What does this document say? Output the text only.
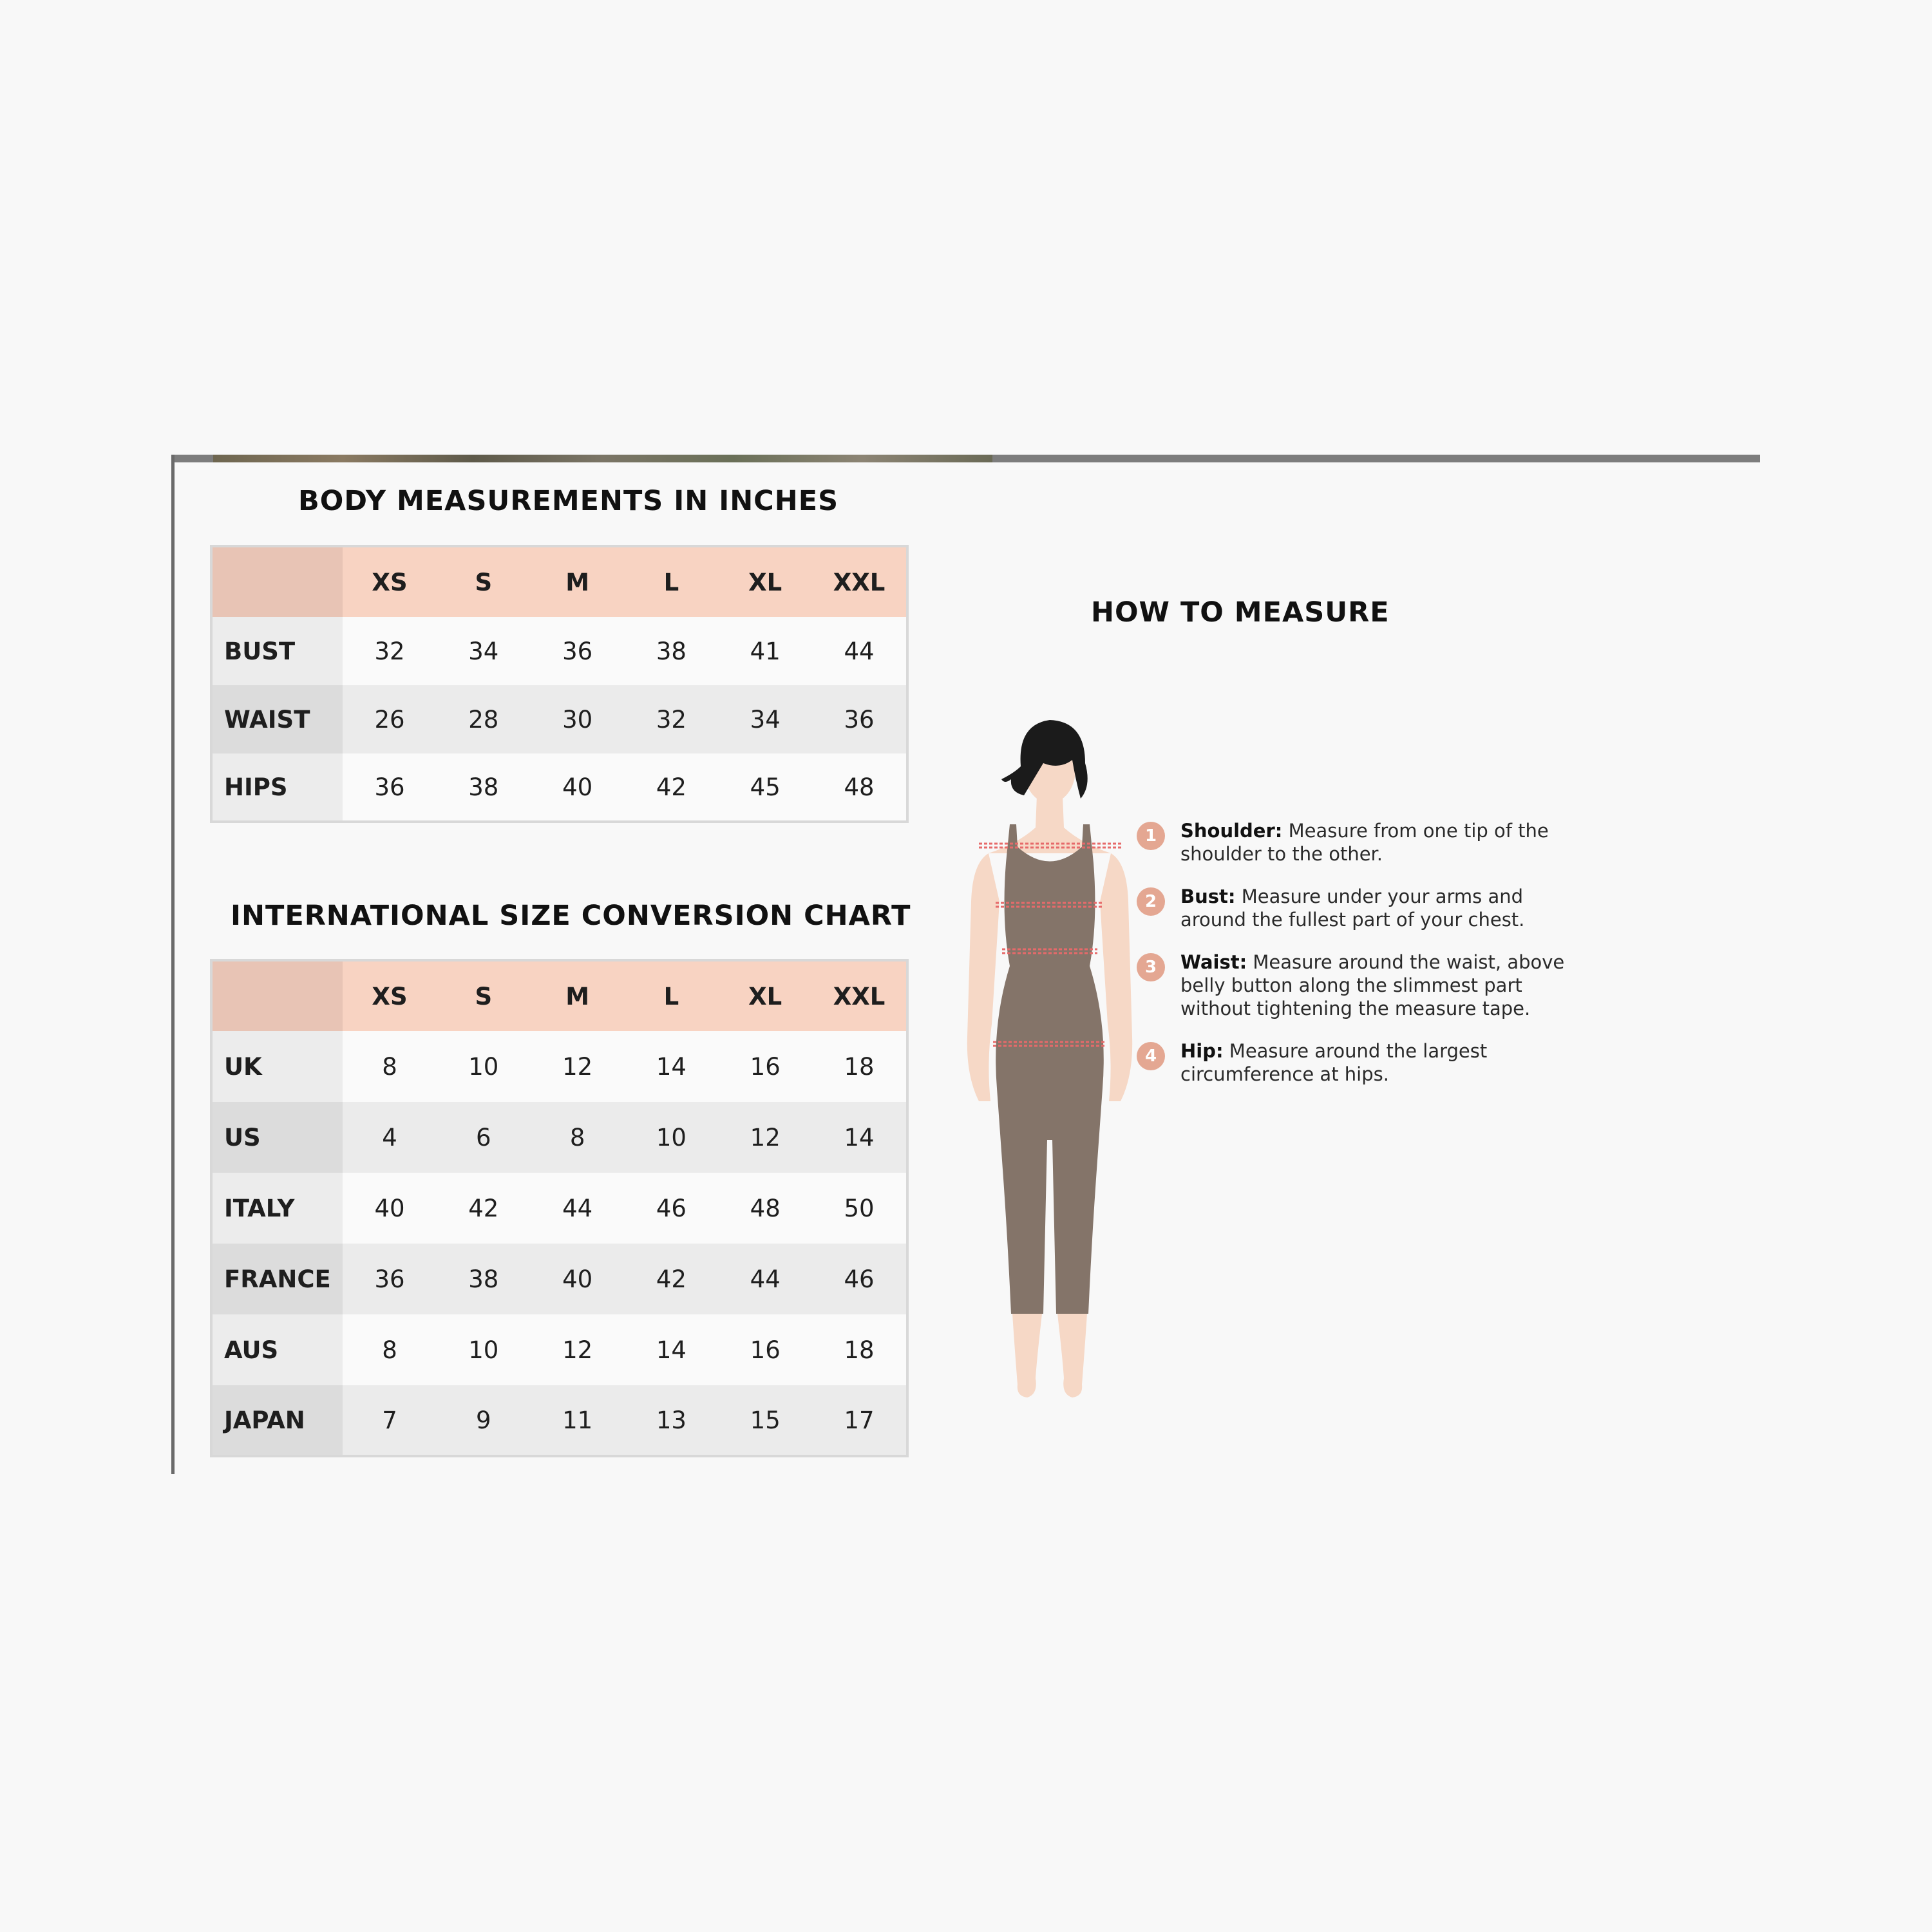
BODY MEASUREMENTS IN INCHES
	XS	S	M	L	XL	XXL
BUST	32	34	36	38	41	44
WAIST	26	28	30	32	34	36
HIPS	36	38	40	42	45	48
INTERNATIONAL SIZE CONVERSION CHART
	XS	S	M	L	XL	XXL
UK	8	10	12	14	16	18
US	4	6	8	10	12	14
ITALY	40	42	44	46	48	50
FRANCE	36	38	40	42	44	46
AUS	8	10	12	14	16	18
JAPAN	7	9	11	13	15	17
HOW TO MEASURE
1	Shoulder: Measure from one tip of the shoulder to the other.
2	Bust: Measure under your arms and around the fullest part of your chest.
3	Waist: Measure around the waist, above belly button along the slimmest part without tightening the measure tape.
4	Hip: Measure around the largest circumference at hips.
